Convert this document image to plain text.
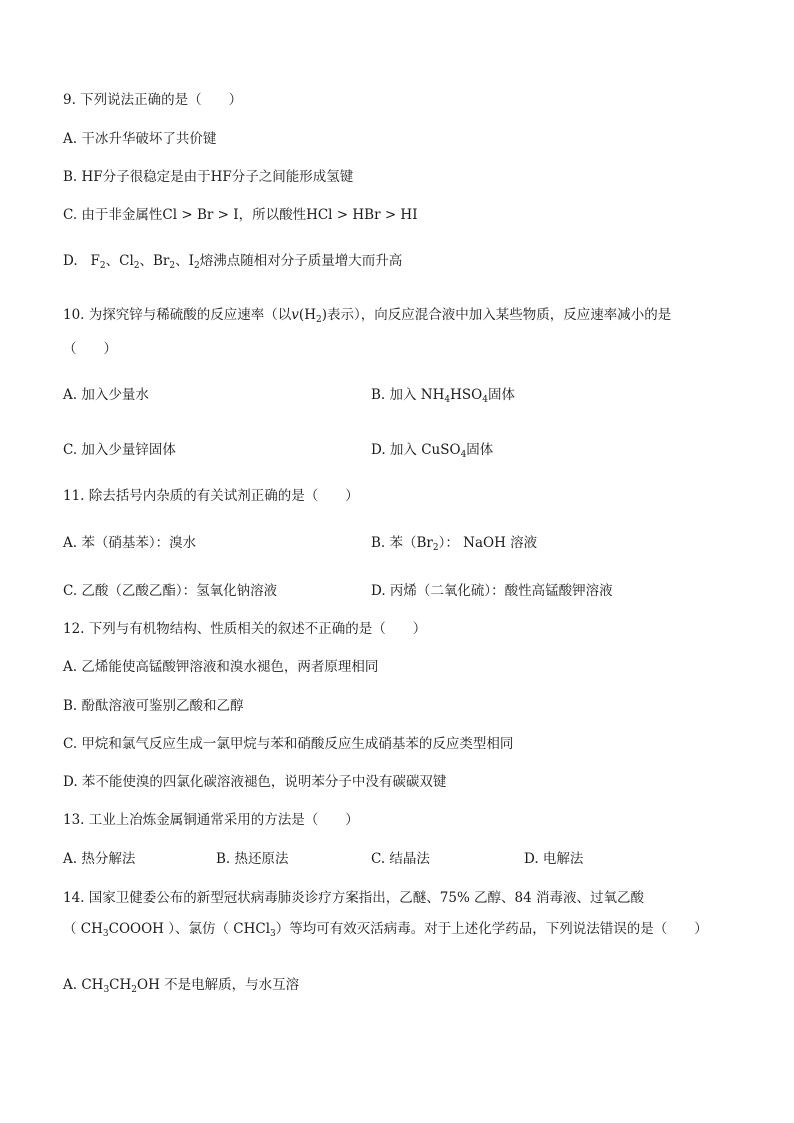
9. 下列说法正确的是（　　）
A. 干冰升华破坏了共价键
B. HF分子很稳定是由于HF分子之间能形成氢键
C. 由于非金属性Cl > Br > I，所以酸性HCl > HBr > HI
D. $F_2$、$Cl_2$、$Br_2$、$I_2$熔沸点随相对分子质量增大而升高
10. 为探究锌与稀硫酸的反应速率（以$v(H_2)$表示），向反应混合液中加入某些物质，反应速率减小的是
（　　）
A. 加入少量水	B. 加入 $NH_4HSO_4$固体
C. 加入少量锌固体	D. 加入 CuSO$_4$固体
11. 除去括号内杂质的有关试剂正确的是（　　）
A. 苯（硝基苯）：溴水	B. 苯$(Br_2)$： NaOH 溶液
C. 乙酸（乙酸乙酯）：氢氧化钠溶液	D. 丙烯（二氧化硫）：酸性高锰酸钾溶液
12. 下列与有机物结构、性质相关的叙述不正确的是（　　）
A. 乙烯能使高锰酸钾溶液和溴水褪色，两者原理相同
B. 酚酞溶液可鉴别乙酸和乙醇
C. 甲烷和氯气反应生成一氯甲烷与苯和硝酸反应生成硝基苯的反应类型相同
D. 苯不能使溴的四氯化碳溶液褪色，说明苯分子中没有碳碳双键
13. 工业上冶炼金属铜通常采用的方法是（　　）
A. 热分解法	B. 热还原法	C. 结晶法	D. 电解法
14. 国家卫健委公布的新型冠状病毒肺炎诊疗方案指出，乙醚、75% 乙醇、84 消毒液、过氧乙酸
（ $CH_3COOOH$ ）、氯仿（ CHCl$_3$）等均可有效灭活病毒。对于上述化学药品，下列说法错误的是（　　）
A. $CH_3CH_2OH$ 不是电解质，与水互溶
